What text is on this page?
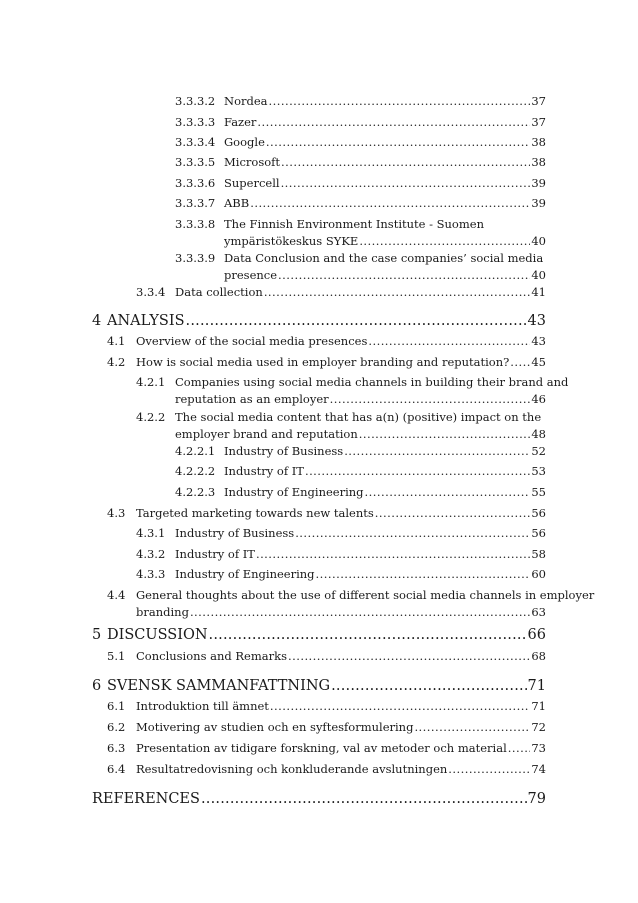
3.3.3.2 Nordea . . .	37
3.3.3.3 Fazer . . .	37
3.3.3.4 Google . . .	38
3.3.3.5 Microsoft . . .	38
3.3.3.6 Supercell . . .	39
3.3.3.7 ABB . . .	39
3.3.3.8 The Finnish Environment Institute - Suomen
ympäristökeskus SYKE . . .	40
3.3.3.9 Data Conclusion and the case companies’ social media
presence . . .	40
3.3.4 Data collection . . .	41
4 ANALYSIS . . .	43
4.1 Overview of the social media presences . . .	43
4.2 How is social media used in employer branding and reputation? . . . 45
4.2.1 Companies using social media channels in building their brand and
reputation as an employer . . .	46
4.2.2 The social media content that has a(n) (positive) impact on the
employer brand and reputation . . .	48
4.2.2.1 Industry of Business . . .	52
4.2.2.2 Industry of IT . . .	53
4.2.2.3 Industry of Engineering . . .	55
4.3 Targeted marketing towards new talents . . .	56
4.3.1 Industry of Business . . .	56
4.3.2 Industry of IT . . .	58
4.3.3 Industry of Engineering . . .	60
4.4 General thoughts about the use of different social media channels in employer
branding . . .	63
5 DISCUSSION . . .	66
5.1 Conclusions and Remarks . . .	68
6 SVENSK SAMMANFATTNING . . .	71
6.1 Introduktion till ämnet . . .	71
6.2 Motivering av studien och en syftesformulering . . .	72
6.3 Presentation av tidigare forskning, val av metoder och material . . . 73
6.4 Resultatredovisning och konkluderande avslutningen . . .	74
REFERENCES . . .	79
